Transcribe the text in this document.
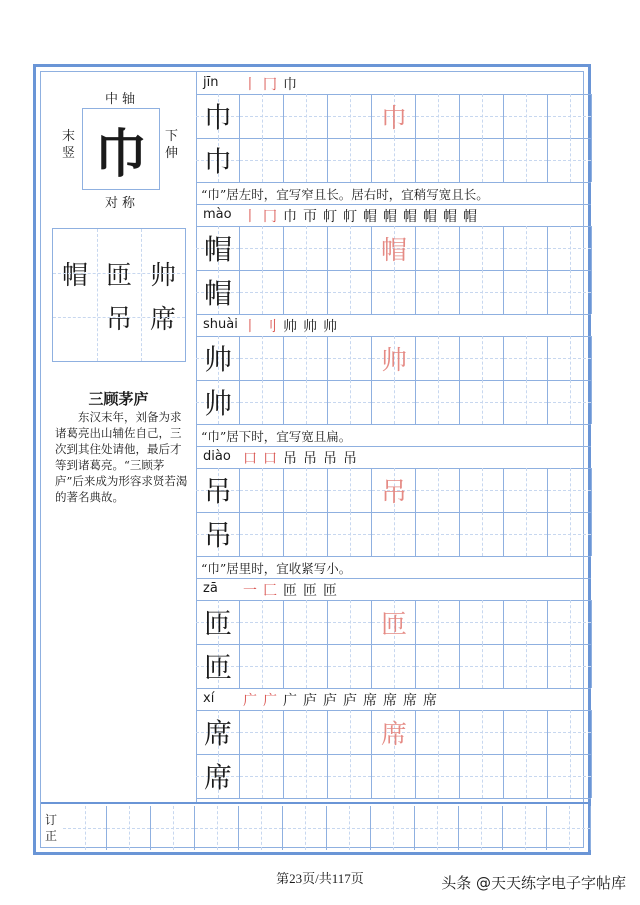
中轴
末竖 巾	下伸
对称
帽 匝 帅
吊 席
三顾茅庐
东汉末年，刘备为求诸葛亮出山辅佐自己，三次到其住处请他，最后才等到诸葛亮。“三顾茅庐”后来成为形容求贤若渴的著名典故。
jīn 丨 冂 巾
巾	巾
巾
“巾”居左时，宜写窄且长。居右时，宜稍写宽且长。
mào 丨 冂 巾 帀 帄 帄 帽 帽 帽 帽 帽 帽
帽	帽
帽
shuài 丨 刂 帅 帅 帅
帅	帅
帅
“巾”居下时，宜写宽且扁。
diào 口 口 吊 吊 吊 吊
吊	吊
吊
“巾”居里时，宜收紧写小。
zā 一 匚 匝 匝 匝
匝	匝
匝
xí 广 广 广 庐 庐 庐 席 席 席 席
席	席
席
订正
第23页/共117页	头条 @天天练字电子字帖库
